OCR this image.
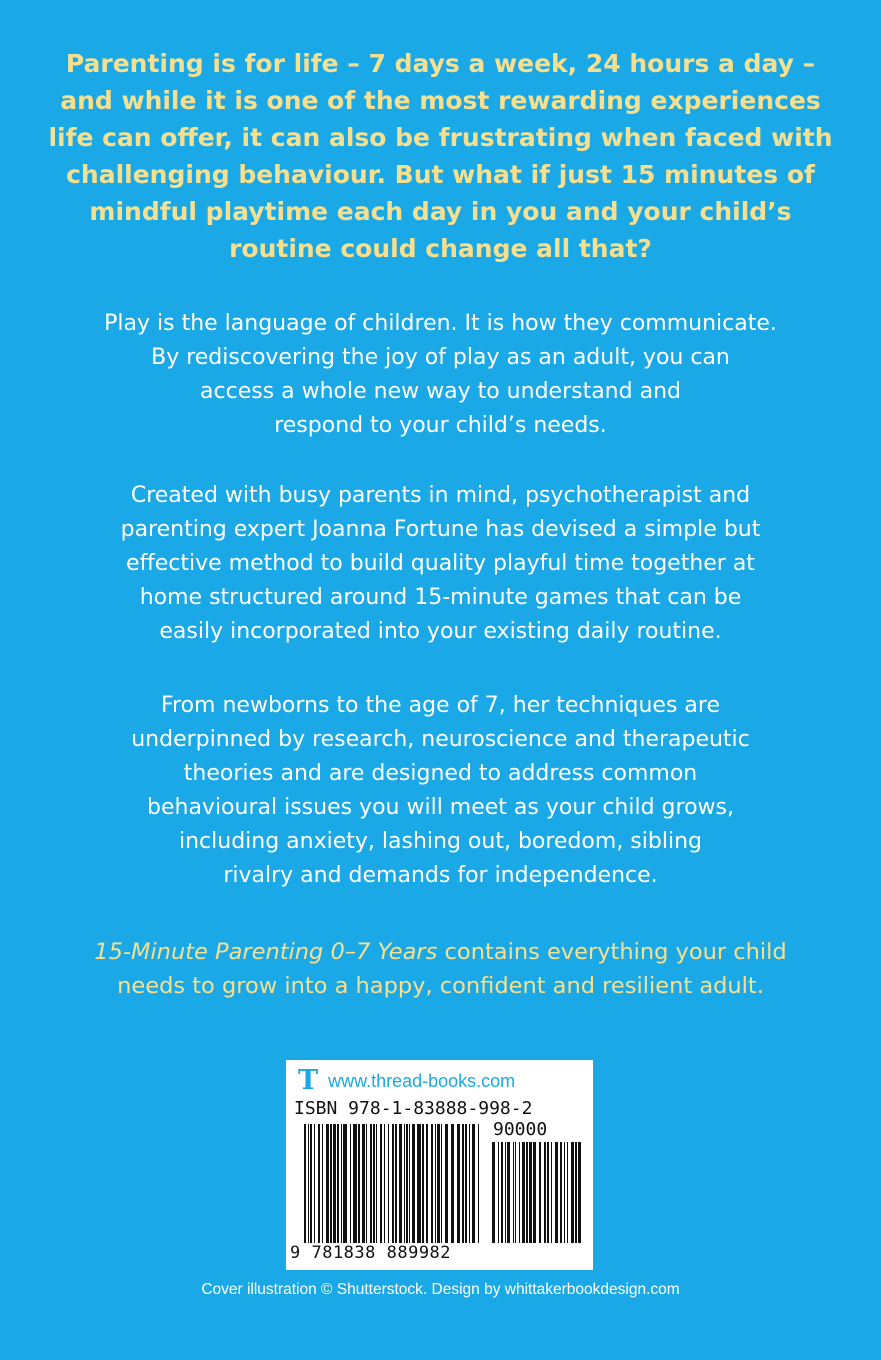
Parenting is for life – 7 days a week, 24 hours a day –
and while it is one of the most rewarding experiences
life can offer, it can also be frustrating when faced with
challenging behaviour. But what if just 15 minutes of
mindful playtime each day in you and your child’s
routine could change all that?
Play is the language of children. It is how they communicate.
By rediscovering the joy of play as an adult, you can
access a whole new way to understand and
respond to your child’s needs.
Created with busy parents in mind, psychotherapist and
parenting expert Joanna Fortune has devised a simple but
effective method to build quality playful time together at
home structured around 15-minute games that can be
easily incorporated into your existing daily routine.
From newborns to the age of 7, her techniques are
underpinned by research, neuroscience and therapeutic
theories and are designed to address common
behavioural issues you will meet as your child grows,
including anxiety, lashing out, boredom, sibling
rivalry and demands for independence.
15-Minute Parenting 0–7 Years contains everything your child
needs to grow into a happy, confident and resilient adult.
T www.thread-books.com
ISBN 978-1-83888-998-2
90000
9 781838 889982

Cover illustration © Shutterstock. Design by whittakerbookdesign.com
